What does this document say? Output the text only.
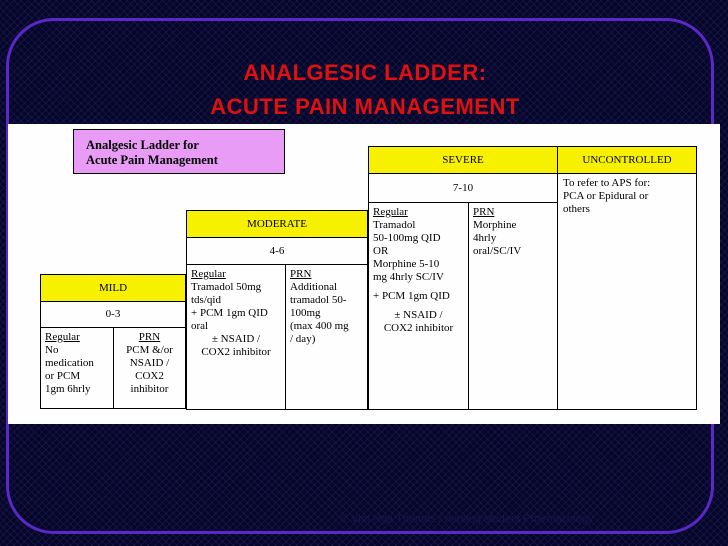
ANALGESIC LADDER:
ACUTE PAIN MANAGEMENT
Analgesic Ladder for
Acute Pain Management
MILD
0-3
Regular
No
medication
or PCM
1gm 6hrly
PRN
PCM &/or
NSAID /
COX2
inhibitor
MODERATE
4-6
Regular
Tramadol 50mg
tds/qid
+ PCM 1gm QID
oral
± NSAID /
COX2 inhibitor
PRN
Additional
tramadol 50-
100mg
(max 400 mg
/ day)
SEVERE
7-10
Regular
Tramadol
50-100mg QID
OR
Morphine 5-10
mg 4hrly SC/IV
+ PCM 1gm QID
± NSAID /
COX2 inhibitor
PRN
Morphine
4hrly
oral/SC/IV
UNCONTROLLED
To refer to APS for:
PCA or Epidural or
others
© Viet Nga Thomas / nursing student Pharmacology
